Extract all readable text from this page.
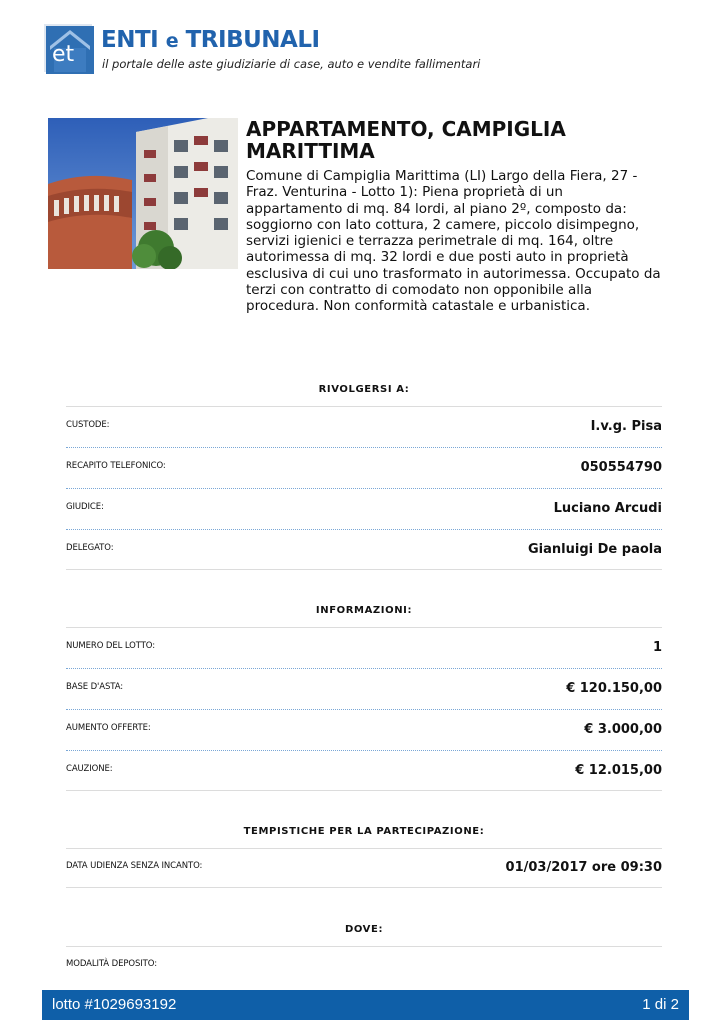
et
ENTI e TRIBUNALI
il portale delle aste giudiziarie di case, auto e vendite fallimentari
APPARTAMENTO, CAMPIGLIA MARITTIMA
Comune di Campiglia Marittima (LI) Largo della Fiera, 27 - Fraz. Venturina - Lotto 1): Piena proprietà di un appartamento di mq. 84 lordi, al piano 2º, composto da: soggiorno con lato cottura, 2 camere, piccolo disimpegno, servizi igienici e terrazza perimetrale di mq. 164, oltre autorimessa di mq. 32 lordi e due posti auto in proprietà esclusiva di cui uno trasformato in autorimessa. Occupato da terzi con contratto di comodato non opponibile alla procedura. Non conformità catastale e urbanistica.
RIVOLGERSI A:
CUSTODE:	I.v.g. Pisa
RECAPITO TELEFONICO:	050554790
GIUDICE:	Luciano Arcudi
DELEGATO:	Gianluigi De paola
INFORMAZIONI:
NUMERO DEL LOTTO:	1
BASE D'ASTA:	€ 120.150,00
AUMENTO OFFERTE:	€ 3.000,00
CAUZIONE:	€ 12.015,00
TEMPISTICHE PER LA PARTECIPAZIONE:
DATA UDIENZA SENZA INCANTO:	01/03/2017 ore 09:30
DOVE:
MODALITÀ DEPOSITO:
lotto #1029693192	1 di 2
